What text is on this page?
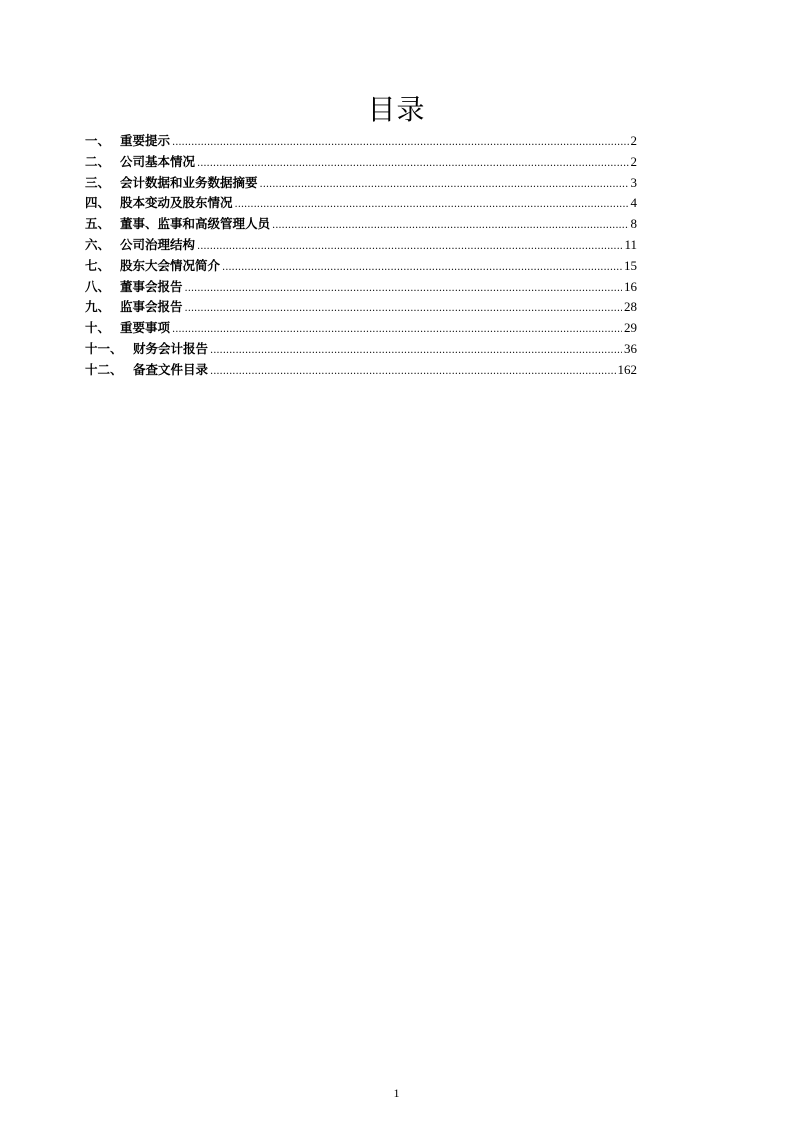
目录
一、 重要提示 .....	2
二、 公司基本情况 .....	2
三、 会计数据和业务数据摘要 .....	3
四、 股本变动及股东情况 .....	4
五、 董事、监事和高级管理人员 .....	8
六、 公司治理结构 .....	11
七、 股东大会情况简介 .....	15
八、 董事会报告 .....	16
九、 监事会报告 .....	28
十、 重要事项 .....	29
十一、 财务会计报告 .....	36
十二、 备查文件目录 .....	162
1
